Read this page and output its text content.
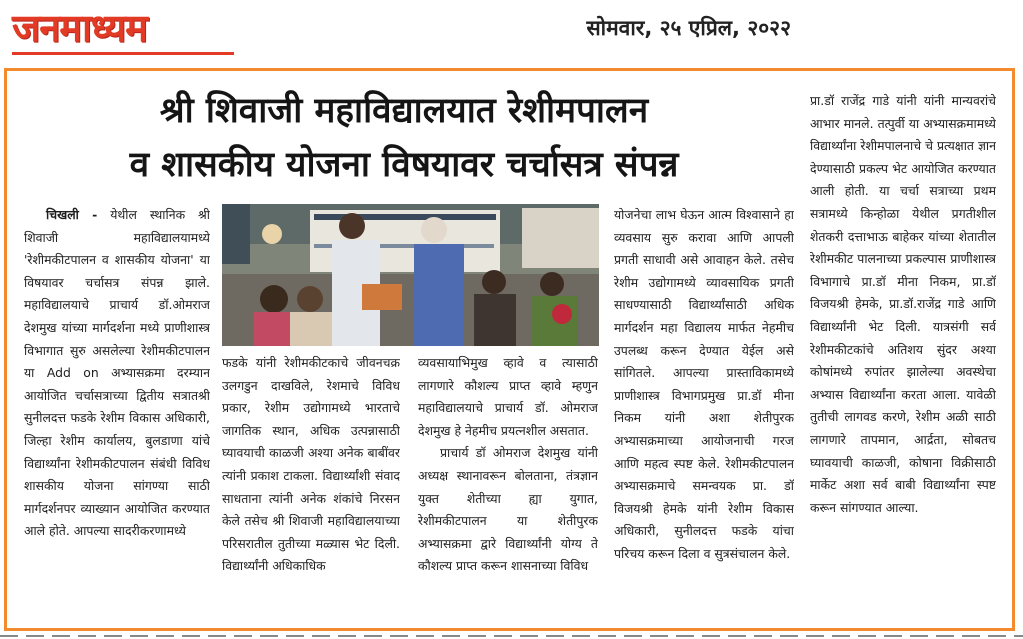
जनमाध्यम	सोमवार, २५ एप्रिल, २०२२
श्री शिवाजी महाविद्यालयात रेशीमपालन
व शासकीय योजना विषयावर चर्चासत्र संपन्न

चिखली - येथील स्थानिक श्री शिवाजी महाविद्यालयामध्ये 'रेशीमकीटपालन व शासकीय योजना' या विषयावर चर्चासत्र संपन्न झाले. महाविद्यालयाचे प्राचार्य डॉ.ओमराज देशमुख यांच्या मार्गदर्शना मध्ये प्राणीशास्त्र विभागात सुरु असलेल्या रेशीमकीटपालन या Add on अभ्यासक्रमा दरम्यान आयोजित चर्चासत्राच्या द्वितीय सत्रातश्री सुनीलदत्त फडके रेशीम विकास अधिकारी, जिल्हा रेशीम कार्यालय, बुलडाणा यांचे विद्यार्थ्यांना रेशीमकीटपालन संबंधी विविध शासकीय योजना सांगण्या साठी मार्गदर्शनपर व्याख्यान आयोजित करण्यात आले होते. आपल्या सादरीकरणामध्ये

फडके यांनी रेशीमकीटकाचे जीवनचक्र उलगडुन दाखविले, रेशमाचे विविध प्रकार, रेशीम उद्योगामध्ये भारताचे जागतिक स्थान, अधिक उत्पन्नासाठी घ्यावयाची काळजी अश्या अनेक बाबींवर त्यांनी प्रकाश टाकला. विद्यार्थ्यांशी संवाद साधताना त्यांनी अनेक शंकांचे निरसन केले तसेच श्री शिवाजी महाविद्यालयाच्या परिसरातील तुतीच्या मळ्यास भेट दिली. विद्यार्थ्यांनी अधिकाधिक

व्यवसायाभिमुख व्हावे व त्यासाठी लागणारे कौशल्य प्राप्त व्हावे म्हणुन महाविद्यालयाचे प्राचार्य डॉ. ओमराज देशमुख हे नेहमीच प्रयत्नशील असतात.

प्राचार्य डॉ ओमराज देशमुख यांनी अध्यक्ष स्थानावरून बोलताना, तंत्रज्ञान युक्त शेतीच्या ह्या युगात, रेशीमकीटपालन या शेतीपुरक अभ्यासक्रमा द्वारे विद्यार्थ्यांनी योग्य ते कौशल्य प्राप्त करून शासनाच्या विविध

योजनेचा लाभ घेऊन आत्म विश्वासाने हा व्यवसाय सुरु करावा आणि आपली प्रगती साधावी असे आवाहन केले. तसेच रेशीम उद्योगामध्ये व्यावसायिक प्रगती साधण्यासाठी विद्यार्थ्यांसाठी अधिक मार्गदर्शन महा विद्यालय मार्फत नेहमीच उपलब्ध करून देण्यात येईल असे सांगितले. आपल्या प्रास्ताविकामध्ये प्राणीशास्त्र विभागप्रमुख प्रा.डॉ मीना निकम यांनी अशा शेतीपुरक अभ्यासक्रमाच्या आयोजनाची गरज आणि महत्व स्पष्ट केले. रेशीमकीटपालन अभ्यासक्रमाचे समन्वयक प्रा. डॉ विजयश्री हेमके यांनी रेशीम विकास अधिकारी, सुनीलदत्त फडके यांचा परिचय करून दिला व सुत्रसंचालन केले.

प्रा.डॉ राजेंद्र गाडे यांनी यांनी मान्यवरांचे आभार मानले. तत्पुर्वी या अभ्यासक्रमामध्ये विद्यार्थ्यांना रेशीमपालनाचे चे प्रत्यक्षात ज्ञान देण्यासाठी प्रकल्प भेट आयोजित करण्यात आली होती. या चर्चा सत्राच्या प्रथम सत्रामध्ये किन्होळा येथील प्रगतीशील शेतकरी दत्ताभाऊ बाहेकर यांच्या शेतातील रेशीमकीट पालनाच्या प्रकल्पास प्राणीशास्त्र विभागाचे प्रा.डॉ मीना निकम, प्रा.डॉ विजयश्री हेमके, प्रा.डॉ.राजेंद्र गाडे आणि विद्यार्थ्यांनी भेट दिली. यात्रसंगी सर्व रेशीमकीटकांचे अतिशय सुंदर अश्या कोषांमध्ये रुपांतर झालेल्या अवस्थेचा अभ्यास विद्यार्थ्यांना करता आला. यावेळी तुतीची लागवड करणे, रेशीम अळी साठी लागणारे तापमान, आर्द्रता, सोबतच घ्यावयाची काळजी, कोषाना विक्रीसाठी मार्केट अशा सर्व बाबी विद्यार्थ्यांना स्पष्ट करून सांगण्यात आल्या.
